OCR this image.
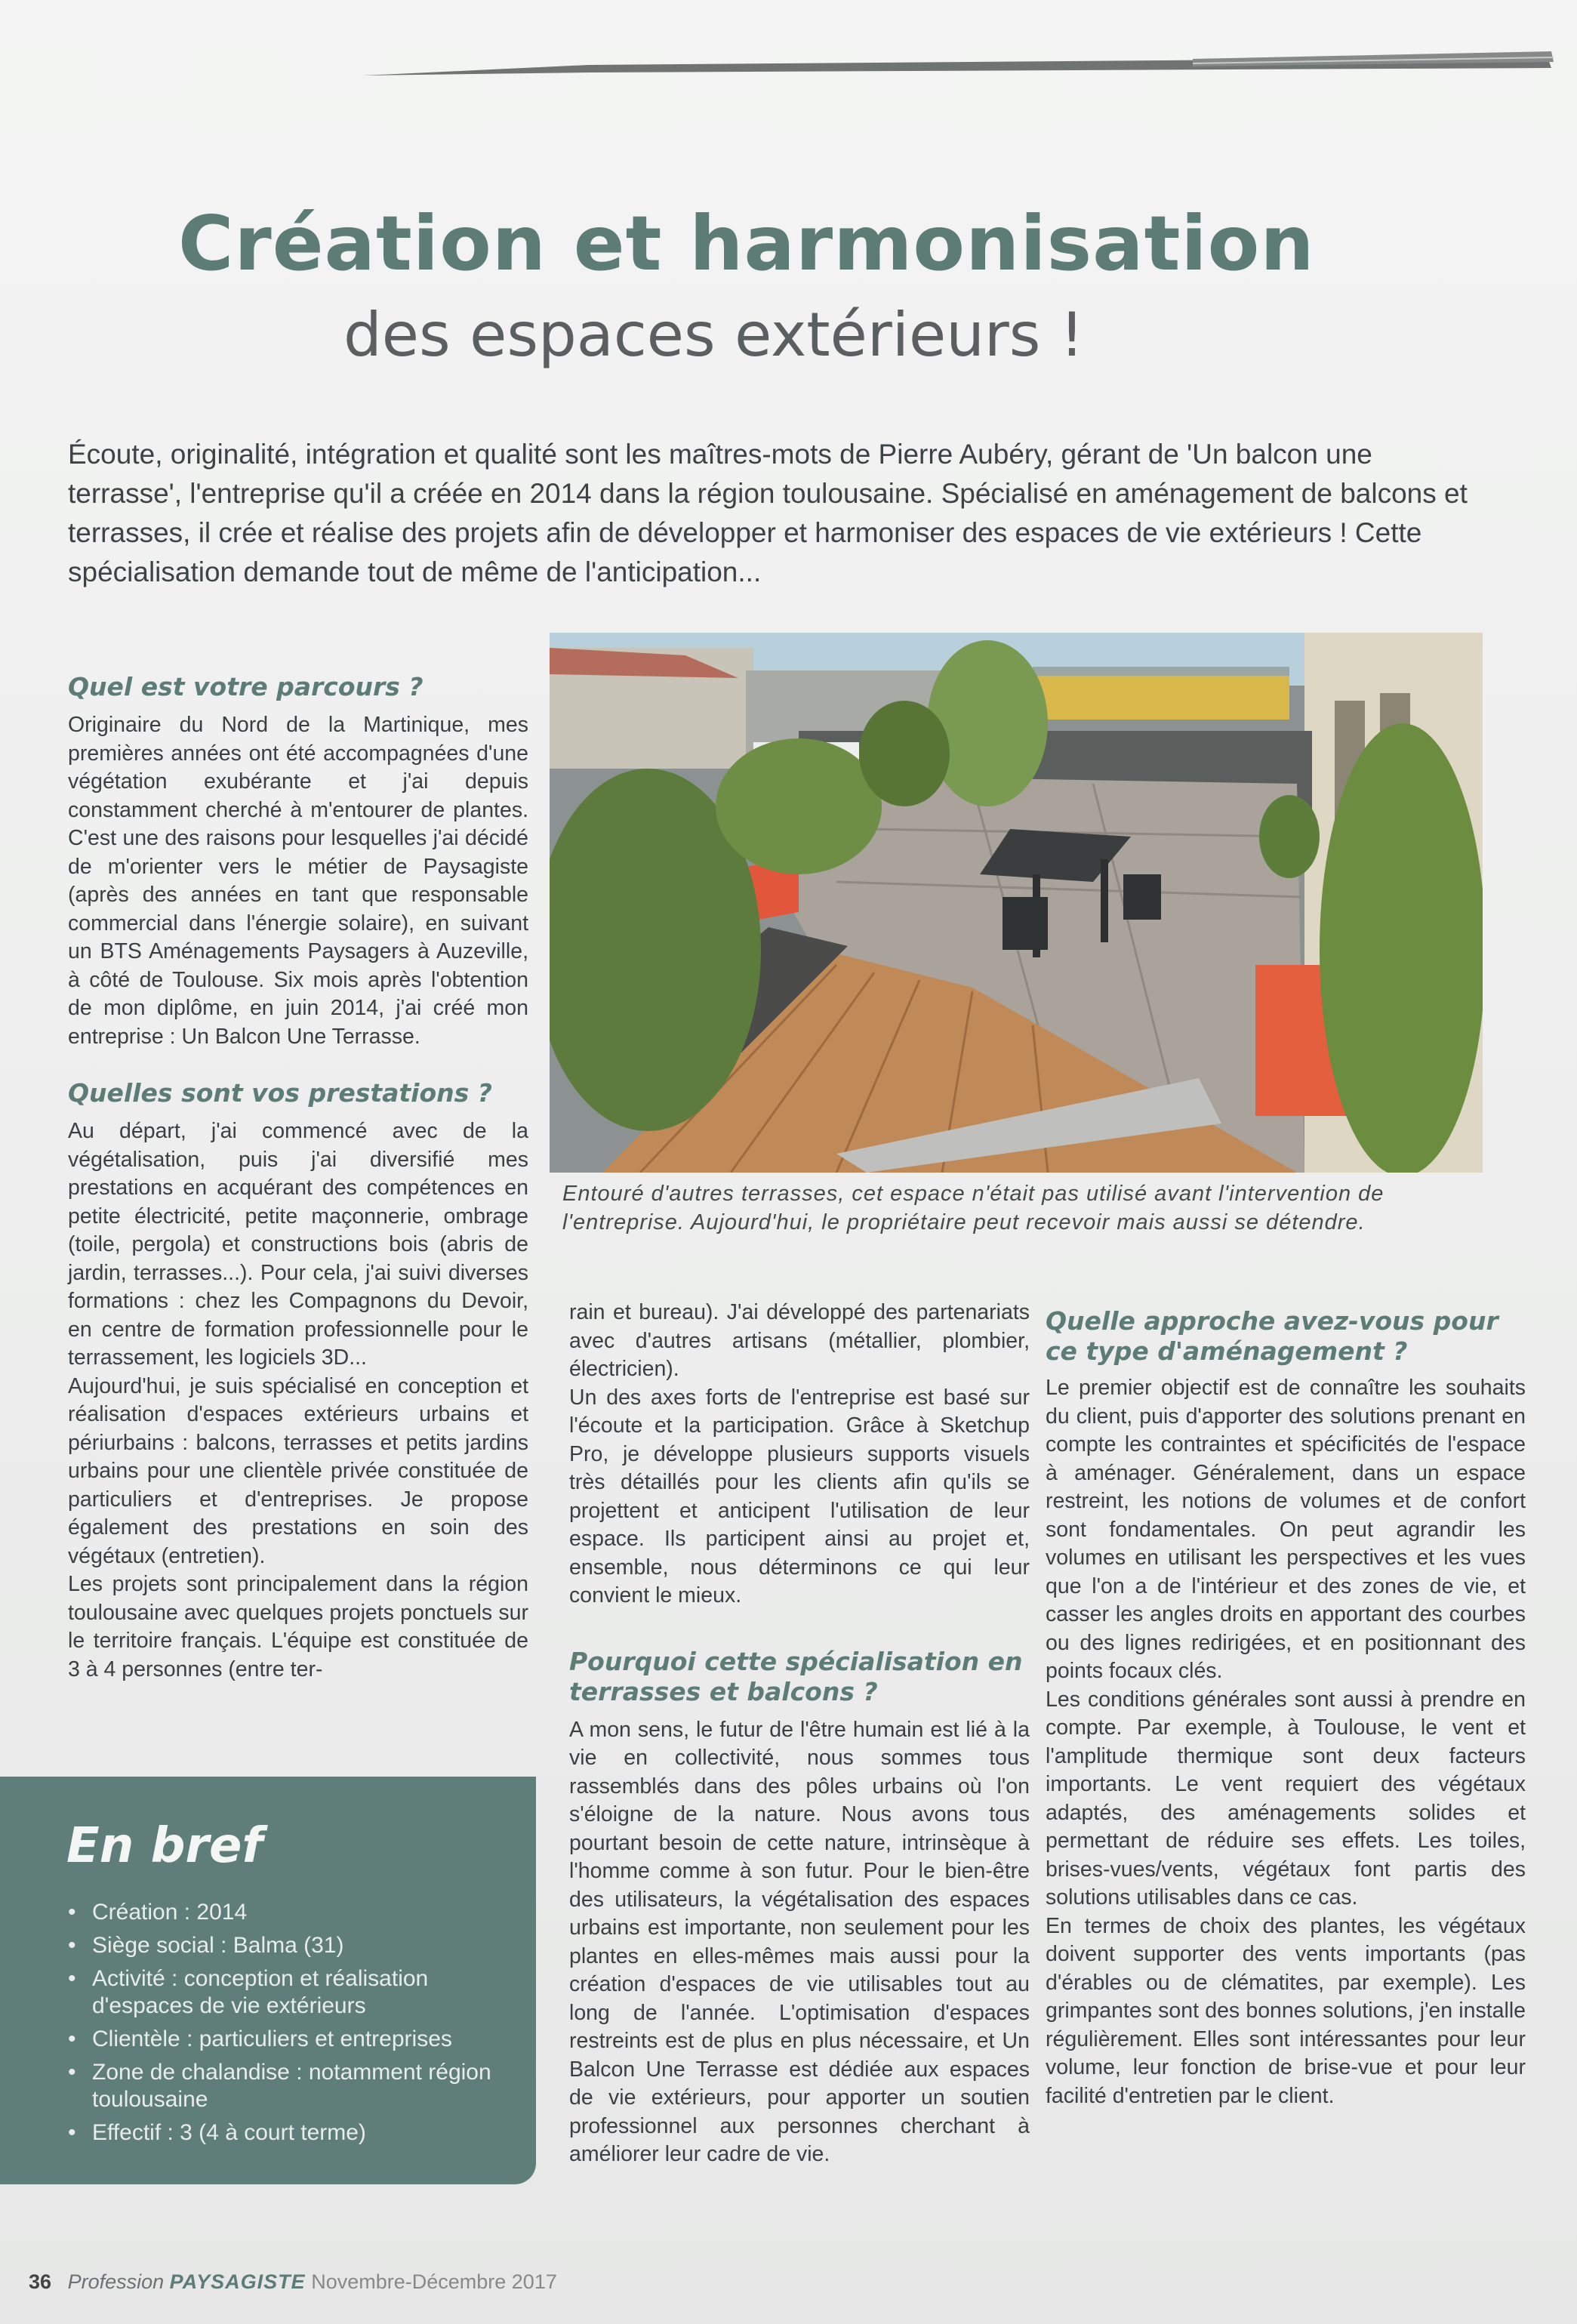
Création et harmonisation
des espaces extérieurs !
Écoute, originalité, intégration et qualité sont les maîtres-mots de Pierre Aubéry, gérant de 'Un balcon une terrasse', l'entreprise qu'il a créée en 2014 dans la région toulousaine. Spécialisé en aménagement de balcons et terrasses, il crée et réalise des projets afin de développer et harmoniser des espaces de vie extérieurs ! Cette spécialisation demande tout de même de l'anticipation...
Entouré d'autres terrasses, cet espace n'était pas utilisé avant l'intervention de l'entreprise. Aujourd'hui, le propriétaire peut recevoir mais aussi se détendre.
Quel est votre parcours ?

Originaire du Nord de la Martinique, mes premières années ont été accompagnées d'une végétation exubérante et j'ai depuis constamment cherché à m'entourer de plantes. C'est une des raisons pour lesquelles j'ai décidé de m'orienter vers le métier de Paysagiste (après des années en tant que responsable commercial dans l'énergie solaire), en suivant un BTS Aménagements Paysagers à Auzeville, à côté de Toulouse. Six mois après l'obtention de mon diplôme, en juin 2014, j'ai créé mon entreprise : Un Balcon Une Terrasse.

Quelles sont vos prestations ?

Au départ, j'ai commencé avec de la végétalisation, puis j'ai diversifié mes prestations en acquérant des compétences en petite électricité, petite maçonnerie, ombrage (toile, pergola) et constructions bois (abris de jardin, terrasses...). Pour cela, j'ai suivi diverses formations : chez les Compagnons du Devoir, en centre de formation professionnelle pour le terrassement, les logiciels 3D...

Aujourd'hui, je suis spécialisé en conception et réalisation d'espaces extérieurs urbains et périurbains : balcons, terrasses et petits jardins urbains pour une clientèle privée constituée de particuliers et d'entreprises. Je propose également des prestations en soin des végétaux (entretien).

Les projets sont principalement dans la région toulousaine avec quelques projets ponctuels sur le territoire français. L'équipe est constituée de 3 à 4 personnes (entre ter-

rain et bureau). J'ai développé des partenariats avec d'autres artisans (métallier, plombier, électricien).

Un des axes forts de l'entreprise est basé sur l'écoute et la participation. Grâce à Sketchup Pro, je développe plusieurs supports visuels très détaillés pour les clients afin qu'ils se projettent et anticipent l'utilisation de leur espace. Ils participent ainsi au projet et, ensemble, nous déterminons ce qui leur convient le mieux.

Pourquoi cette spécialisation en terrasses et balcons ?

A mon sens, le futur de l'être humain est lié à la vie en collectivité, nous sommes tous rassemblés dans des pôles urbains où l'on s'éloigne de la nature. Nous avons tous pourtant besoin de cette nature, intrinsèque à l'homme comme à son futur. Pour le bien-être des utilisateurs, la végétalisation des espaces urbains est importante, non seulement pour les plantes en elles-mêmes mais aussi pour la création d'espaces de vie utilisables tout au long de l'année. L'optimisation d'espaces restreints est de plus en plus nécessaire, et Un Balcon Une Terrasse est dédiée aux espaces de vie extérieurs, pour apporter un soutien professionnel aux personnes cherchant à améliorer leur cadre de vie.

Quelle approche avez-vous pour ce type d'aménagement ?

Le premier objectif est de connaître les souhaits du client, puis d'apporter des solutions prenant en compte les contraintes et spécificités de l'espace à aménager. Généralement, dans un espace restreint, les notions de volumes et de confort sont fondamentales. On peut agrandir les volumes en utilisant les perspectives et les vues que l'on a de l'intérieur et des zones de vie, et casser les angles droits en apportant des courbes ou des lignes redirigées, et en positionnant des points focaux clés.

Les conditions générales sont aussi à prendre en compte. Par exemple, à Toulouse, le vent et l'amplitude thermique sont deux facteurs importants. Le vent requiert des végétaux adaptés, des aménagements solides et permettant de réduire ses effets. Les toiles, brises-vues/vents, végétaux font partis des solutions utilisables dans ce cas.

En termes de choix des plantes, les végétaux doivent supporter des vents importants (pas d'érables ou de clématites, par exemple). Les grimpantes sont des bonnes solutions, j'en installe régulièrement. Elles sont intéressantes pour leur volume, leur fonction de brise-vue et pour leur facilité d'entretien par le client.

En bref
• Création : 2014
• Siège social : Balma (31)
• Activité : conception et réalisation d'espaces de vie extérieurs
• Clientèle : particuliers et entreprises
• Zone de chalandise : notamment région toulousaine
• Effectif : 3 (4 à court terme)
36 Profession PAYSAGISTE Novembre-Décembre 2017
